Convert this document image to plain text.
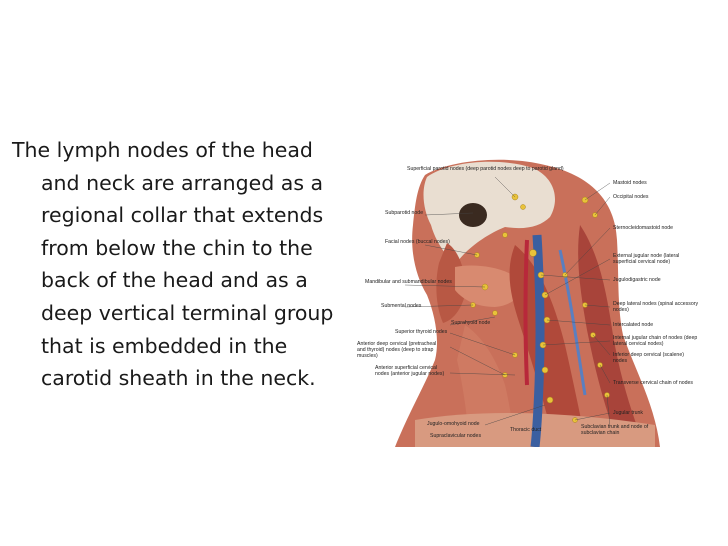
The lymph nodes of the head and neck are arranged as a regional collar that extends from below the chin to the back of the head and as a deep vertical terminal group that is embedded in the carotid sheath in the neck.

Superficial parotid nodes (deep parotid nodes deep to parotid gland)
Subparotid node
Facial nodes (buccal nodes)
Mandibular and submandibular nodes
Submental nodes
Suprahyoid node
Superior thyroid nodes
Anterior deep cervical (pretracheal and thyroid) nodes (deep to strap muscles)
Anterior superficial cervical nodes (anterior jugular nodes)
Jugulo-omohyoid node
Supraclavicular nodes
Thoracic duct
Mastoid nodes
Occipital nodes
Sternocleidomastoid node
External jugular node (lateral superficial cervical node)
Jugulodigastric node
Deep lateral nodes (spinal accessory nodes)
Intercalated node
Internal jugular chain of nodes (deep lateral cervical nodes)
Inferior deep cervical (scalene) nodes
Transverse cervical chain of nodes
Jugular trunk
Subclavian trunk and node of subclavian chain
